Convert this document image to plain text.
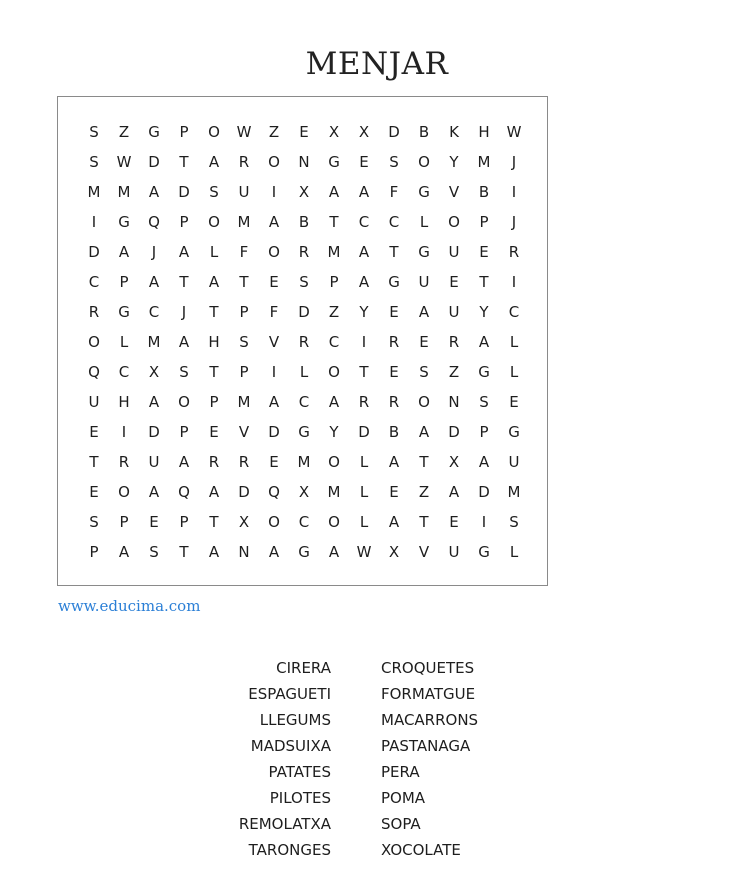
MENJAR
S	Z	G	P	O	W	Z	E	X	X	D	B	K	H	W
S	W	D	T	A	R	O	N	G	E	S	O	Y	M	J
M	M	A	D	S	U	I	X	A	A	F	G	V	B	I
I	G	Q	P	O	M	A	B	T	C	C	L	O	P	J
D	A	J	A	L	F	O	R	M	A	T	G	U	E	R
C	P	A	T	A	T	E	S	P	A	G	U	E	T	I
R	G	C	J	T	P	F	D	Z	Y	E	A	U	Y	C
O	L	M	A	H	S	V	R	C	I	R	E	R	A	L
Q	C	X	S	T	P	I	L	O	T	E	S	Z	G	L
U	H	A	O	P	M	A	C	A	R	R	O	N	S	E
E	I	D	P	E	V	D	G	Y	D	B	A	D	P	G
T	R	U	A	R	R	E	M	O	L	A	T	X	A	U
E	O	A	Q	A	D	Q	X	M	L	E	Z	A	D	M
S	P	E	P	T	X	O	C	O	L	A	T	E	I	S
P	A	S	T	A	N	A	G	A	W	X	V	U	G	L
www.educima.com
CIRERA
ESPAGUETI
LLEGUMS
MADSUIXA
PATATES
PILOTES
REMOLATXA
TARONGES
CROQUETES
FORMATGUE
MACARRONS
PASTANAGA
PERA
POMA
SOPA
XOCOLATE
